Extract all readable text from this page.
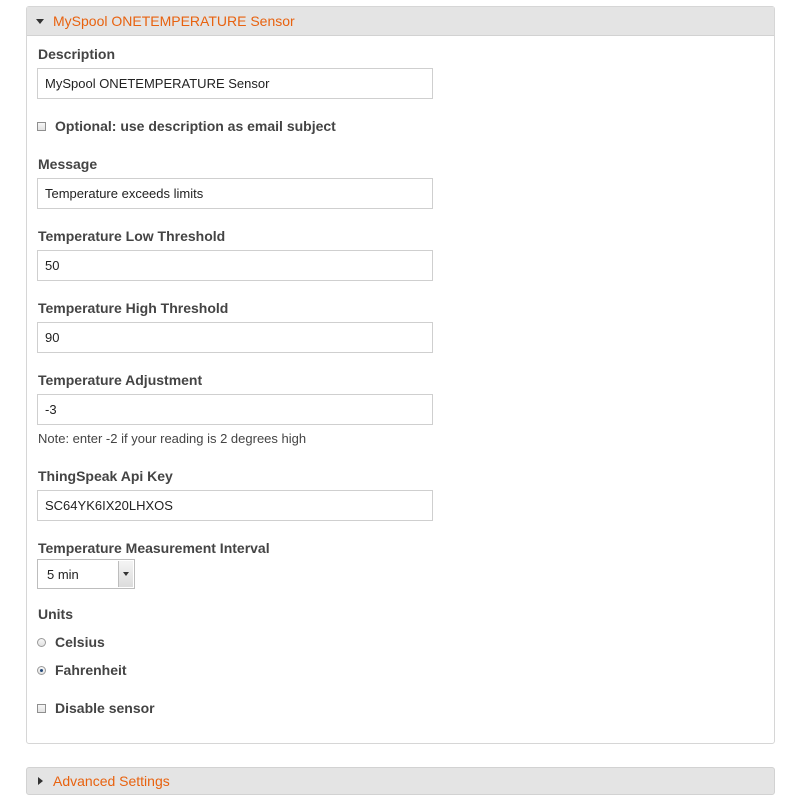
MySpool ONETEMPERATURE Sensor
Description
MySpool ONETEMPERATURE Sensor
Optional: use description as email subject
Message
Temperature exceeds limits
Temperature Low Threshold
50
Temperature High Threshold
90
Temperature Adjustment
-3
Note: enter -2 if your reading is 2 degrees high
ThingSpeak Api Key
SC64YK6IX20LHXOS
Temperature Measurement Interval
5 min
Units
Celsius
Fahrenheit
Disable sensor
Advanced Settings
